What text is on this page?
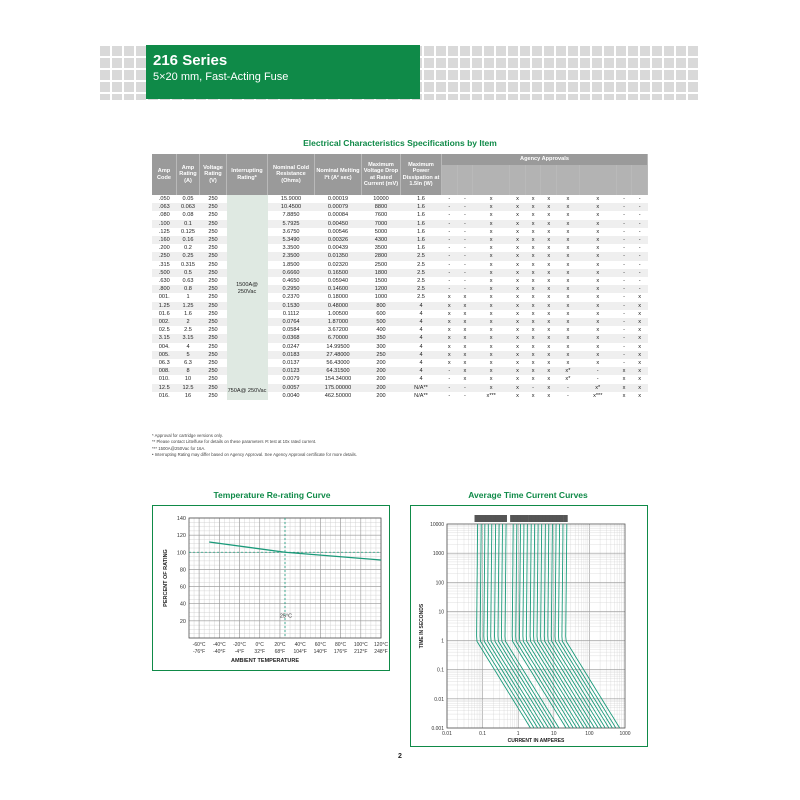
216 Series
5×20 mm, Fast-Acting Fuse
Electrical Characteristics Specifications by Item
Amp Code	Amp Rating (A)	Voltage Rating (V)	Interrupting Rating*	Nominal Cold Resistance (Ohms)	Nominal Melting I²t (A² sec)	Maximum Voltage Drop at Rated Current (mV)	Maximum Power Dissipation at 1.5In (W)	Agency Approvals									

.050	0.05	250	1500A@ 250Vac	15.9000	0.00019	10000	1.6	-	-	x	x	x	x	x	x	-	-
.063	0.063	250		10.4500	0.00079	8800	1.6	-	-	x	x	x	x	x	x	-	-
.080	0.08	250		7.8850	0.00084	7600	1.6	-	-	x	x	x	x	x	x	-	-
.100	0.1	250		5.7925	0.00450	7000	1.6	-	-	x	x	x	x	x	x	-	-
.125	0.125	250		3.6750	0.00546	5000	1.6	-	-	x	x	x	x	x	x	-	-
.160	0.16	250		5.3490	0.00326	4300	1.6	-	-	x	x	x	x	x	x	-	-
.200	0.2	250		3.3500	0.00439	3500	1.6	-	-	x	x	x	x	x	x	-	-
.250	0.25	250		2.3500	0.01350	2800	2.5	-	-	x	x	x	x	x	x	-	-
.315	0.315	250		1.8500	0.02320	2500	2.5	-	-	x	x	x	x	x	x	-	-
.500	0.5	250		0.6660	0.16500	1800	2.5	-	-	x	x	x	x	x	x	-	-
.630	0.63	250		0.4650	0.05940	1500	2.5	-	-	x	x	x	x	x	x	-	-
.800	0.8	250		0.2950	0.14600	1200	2.5	-	-	x	x	x	x	x	x	-	-
001.	1	250		0.2370	0.18000	1000	2.5	x	x	x	x	x	x	x	x	-	x
1.25	1.25	250		0.1530	0.48000	800	4	x	x	x	x	x	x	x	x	-	x
01.6	1.6	250		0.1112	1.00500	600	4	x	x	x	x	x	x	x	x	-	x
002.	2	250		0.0764	1.87000	500	4	x	x	x	x	x	x	x	x	-	x
02.5	2.5	250		0.0584	3.67200	400	4	x	x	x	x	x	x	x	x	-	x
3.15	3.15	250		0.0368	6.70000	350	4	x	x	x	x	x	x	x	x	-	x
004.	4	250		0.0247	14.99500	300	4	x	x	x	x	x	x	x	x	-	x
005.	5	250		0.0183	27.48000	250	4	x	x	x	x	x	x	x	x	-	x
06.3	6.3	250		0.0137	56.43000	200	4	x	x	x	x	x	x	x	x	-	x
008.	8	250		0.0123	64.31500	200	4	-	x	x	x	x	x	x*	-	x	x
010.	10	250		0.0079	154.34000	200	4	-	x	x	x	x	x	x*	-	x	x
12.5	12.5	250	750A@ 250Vac	0.0057	175.00000	200	N/A**	-	-	x	x	-	x	-	x*	x	x
016.	16	250		0.0040	462.50000	200	N/A**	-	-	x***	x	x	x	-	x***	x	x
* Approval for cartridge versions only.
** Please contact Littelfuse for details on these parameters I²t test at 10x rated current.
*** 1500A@250Vac for 16A.
• Interrupting Rating may differ based on Agency Approval. See Agency Approval certificate for more details.
Temperature Re-rating Curve
25°C
140
120
100
80
60
40
20
-60°C -40°C -20°C 0°C 20°C 40°C 60°C 80°C 100°C 120°C
-76°F -40°F -4°F 32°F 68°F 104°F 140°F 176°F 212°F 248°F
AMBIENT TEMPERATURE
PERCENT OF RATING
Average Time Current Curves
10000
1000
100
10
1
0.1
0.01
0.001
0.01	0.1	1	10	100	1000
CURRENT IN AMPERES
TIME IN SECONDS
2
